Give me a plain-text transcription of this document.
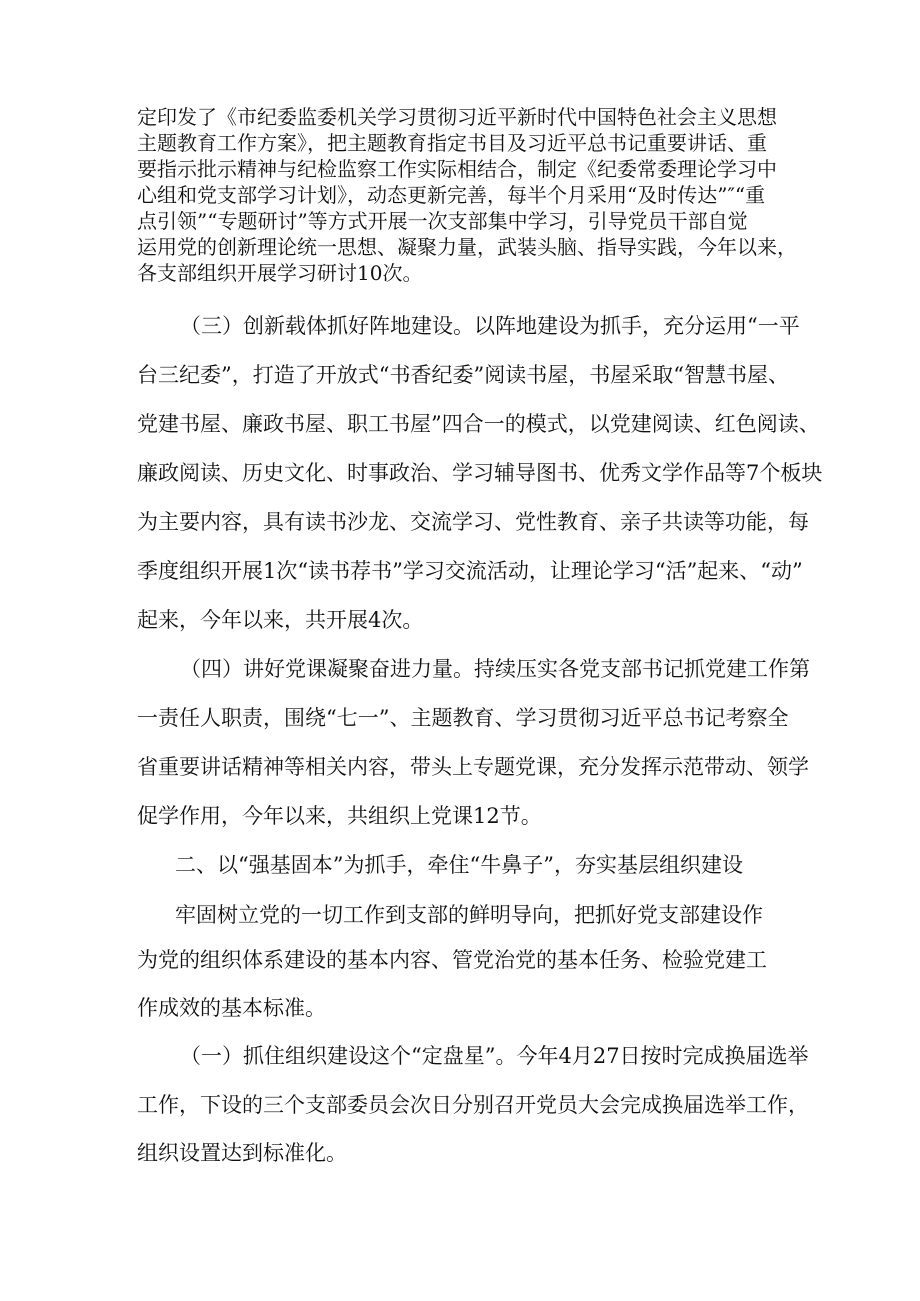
定印发了《市纪委监委机关学习贯彻习近平新时代中国特色社会主义思想

主题教育工作方案》，把主题教育指定书目及习近平总书记重要讲话、重

要指示批示精神与纪检监察工作实际相结合，制定《纪委常委理论学习中

心组和党支部学习计划》，动态更新完善，每半个月采用“及时传达”″“重

点引领”“专题研讨”等方式开展一次支部集中学习，引导党员干部自觉

运用党的创新理论统一思想、凝聚力量，武装头脑、指导实践，今年以来，

各支部组织开展学习研讨10次。

（三）创新载体抓好阵地建设。以阵地建设为抓手，充分运用“一平

台三纪委”，打造了开放式“书香纪委”阅读书屋，书屋采取“智慧书屋、

党建书屋、廉政书屋、职工书屋”四合一的模式，以党建阅读、红色阅读、

廉政阅读、历史文化、时事政治、学习辅导图书、优秀文学作品等7个板块

为主要内容，具有读书沙龙、交流学习、党性教育、亲子共读等功能，每

季度组织开展1次“读书荐书”学习交流活动，让理论学习“活”起来、“动”

起来，今年以来，共开展4次。

（四）讲好党课凝聚奋进力量。持续压实各党支部书记抓党建工作第

一责任人职责，围绕“七一”、主题教育、学习贯彻习近平总书记考察全

省重要讲话精神等相关内容，带头上专题党课，充分发挥示范带动、领学

促学作用，今年以来，共组织上党课12节。

二、以“强基固本”为抓手，牵住“牛鼻子”，夯实基层组织建设

牢固树立党的一切工作到支部的鲜明导向，把抓好党支部建设作

为党的组织体系建设的基本内容、管党治党的基本任务、检验党建工

作成效的基本标准。

（一）抓住组织建设这个“定盘星”。今年4月27日按时完成换届选举

工作，下设的三个支部委员会次日分别召开党员大会完成换届选举工作，

组织设置达到标准化。
